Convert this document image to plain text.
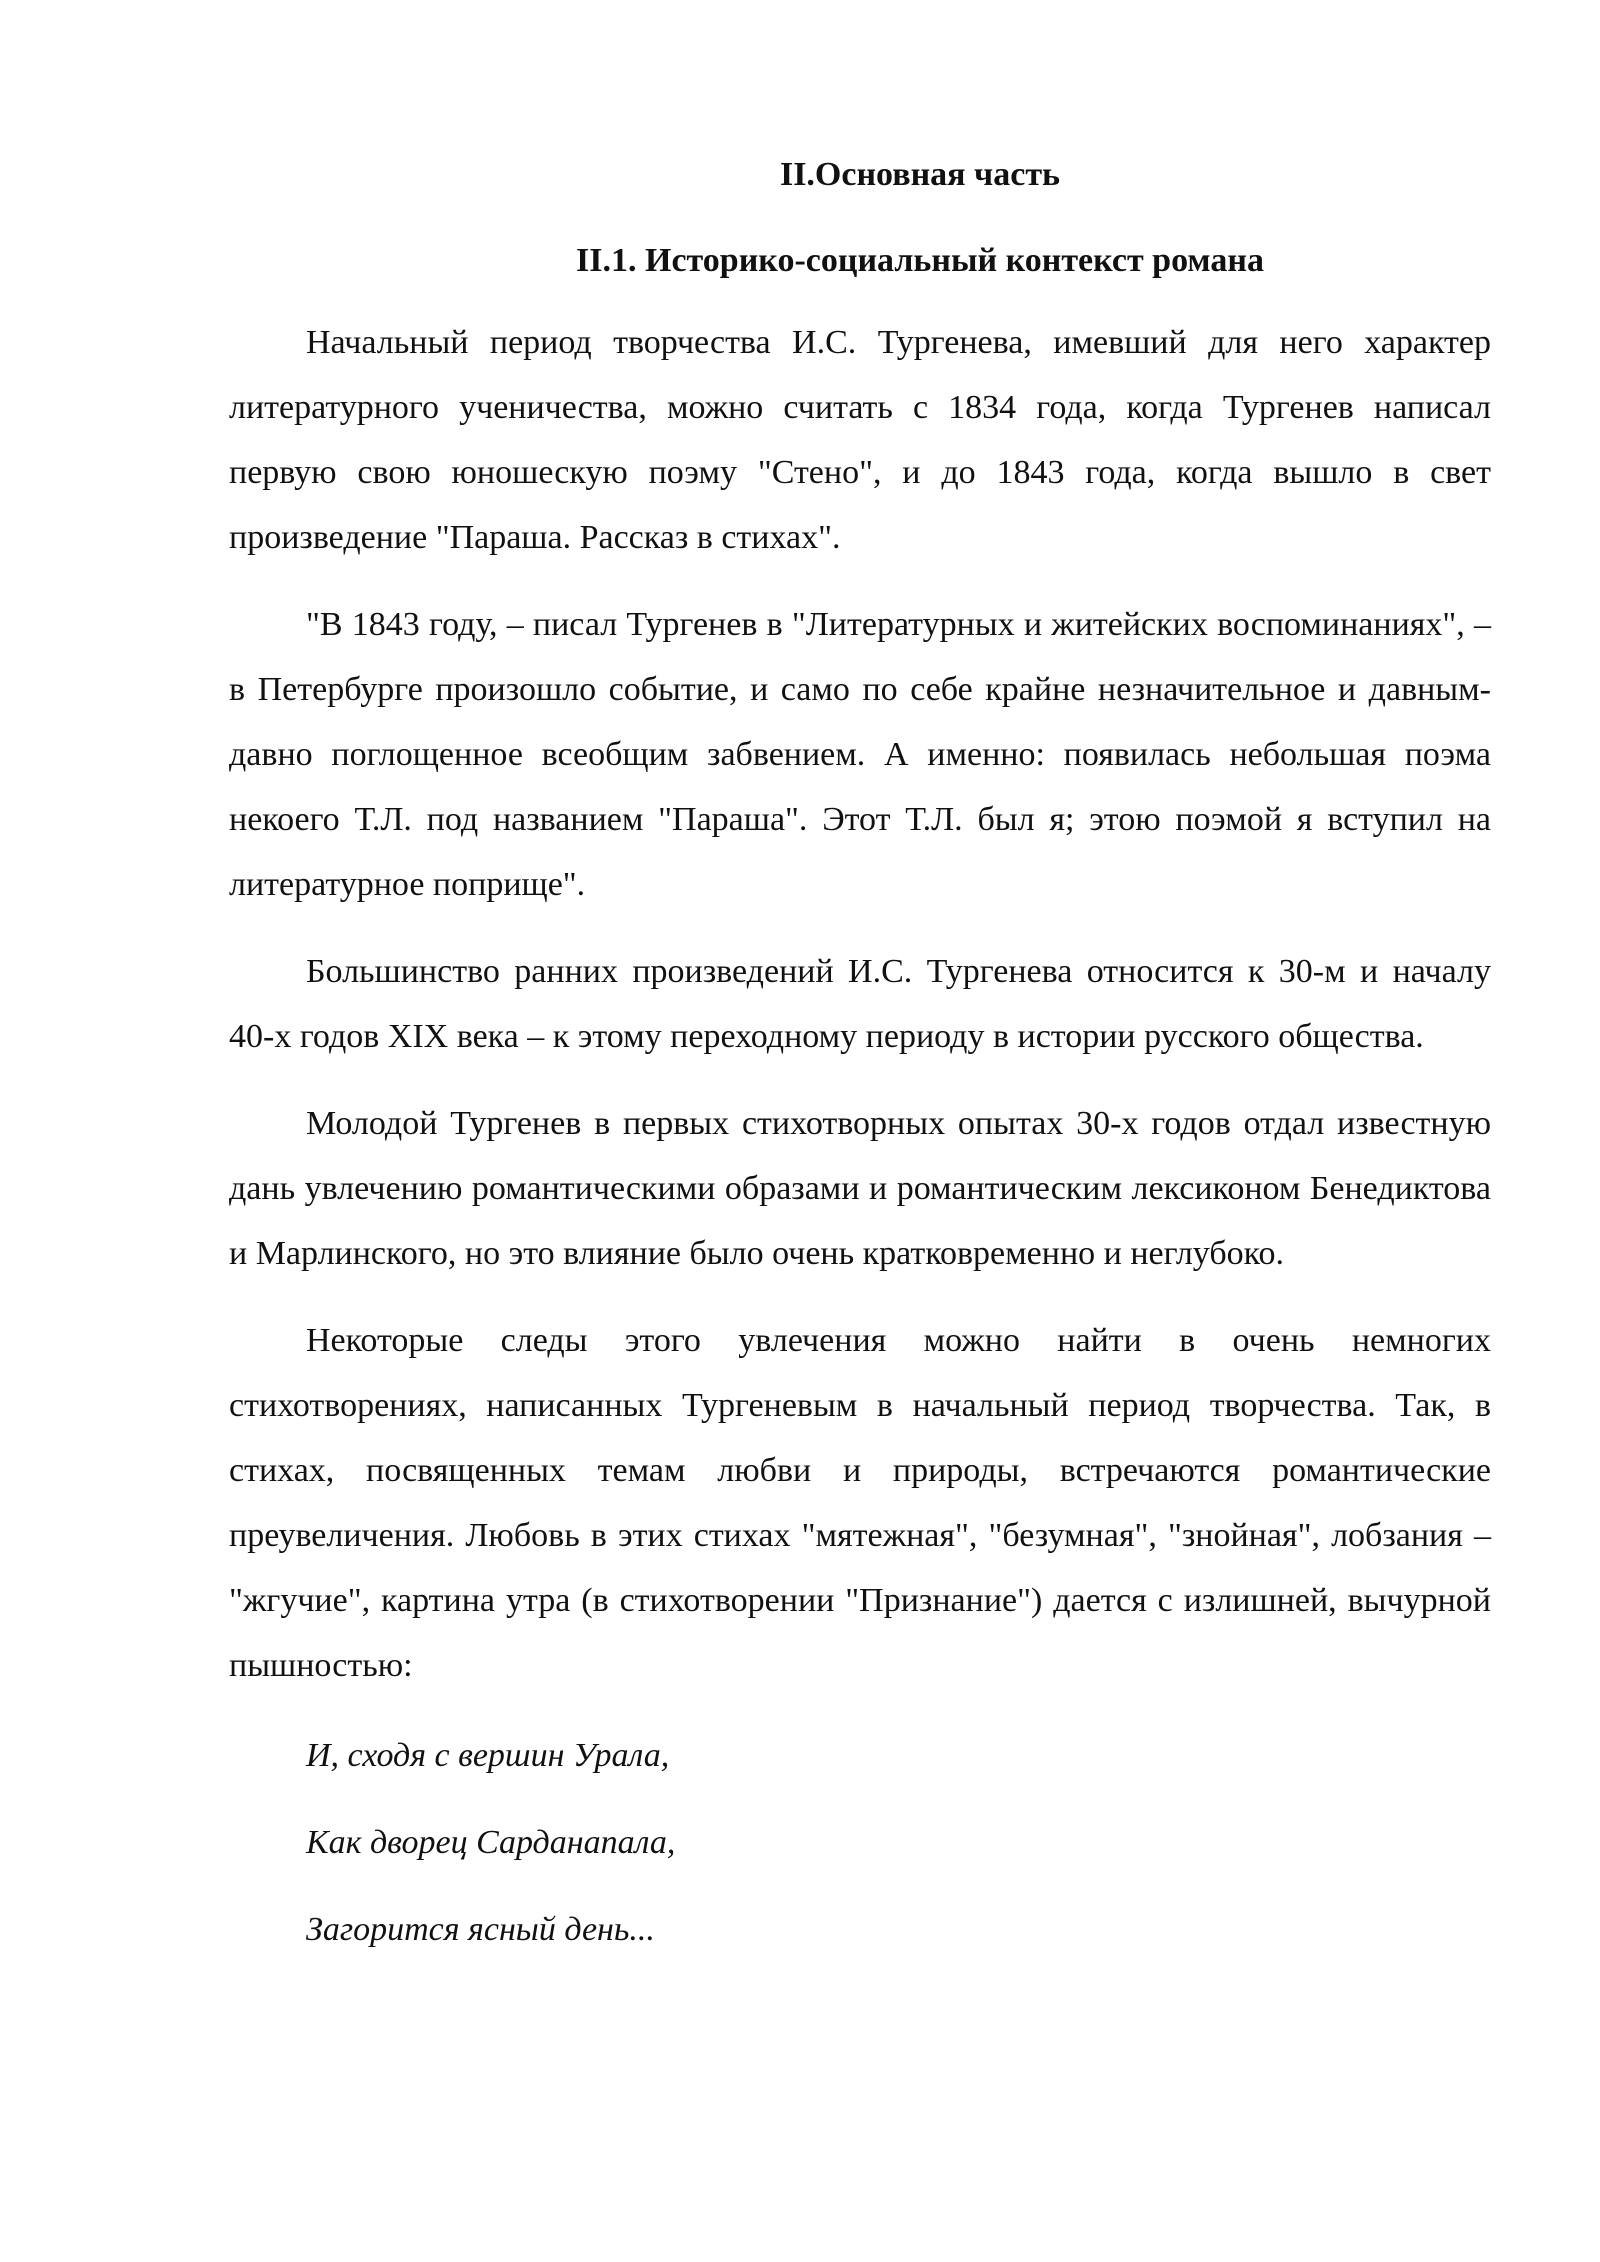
II.Основная часть
II.1. Историко-социальный контекст романа

Начальный период творчества И.С. Тургенева, имевший для него характер литературного ученичества, можно считать с 1834 года, когда Тургенев написал первую свою юношескую поэму "Стено", и до 1843 года, когда вышло в свет произведение "Параша. Рассказ в стихах".

"В 1843 году, – писал Тургенев в "Литературных и житейских воспоминаниях", – в Петербурге произошло событие, и само по себе крайне незначительное и давным-давно поглощенное всеобщим забвением. А именно: появилась небольшая поэма некоего Т.Л. под названием "Параша". Этот Т.Л. был я; этою поэмой я вступил на литературное поприще".

Большинство ранних произведений И.С. Тургенева относится к 30-м и началу 40-х годов XIX века – к этому переходному периоду в истории русского общества.

Молодой Тургенев в первых стихотворных опытах 30-х годов отдал известную дань увлечению романтическими образами и романтическим лексиконом Бенедиктова и Марлинского, но это влияние было очень кратковременно и неглубоко.

Некоторые следы этого увлечения можно найти в очень немногих стихотворениях, написанных Тургеневым в начальный период творчества. Так, в стихах, посвященных темам любви и природы, встречаются романтические преувеличения. Любовь в этих стихах "мятежная", "безумная", "знойная", лобзания – "жгучие", картина утра (в стихотворении "Признание") дается с излишней, вычурной пышностью:

И, сходя с вершин Урала,

Как дворец Сарданапала,

Загорится ясный день...
